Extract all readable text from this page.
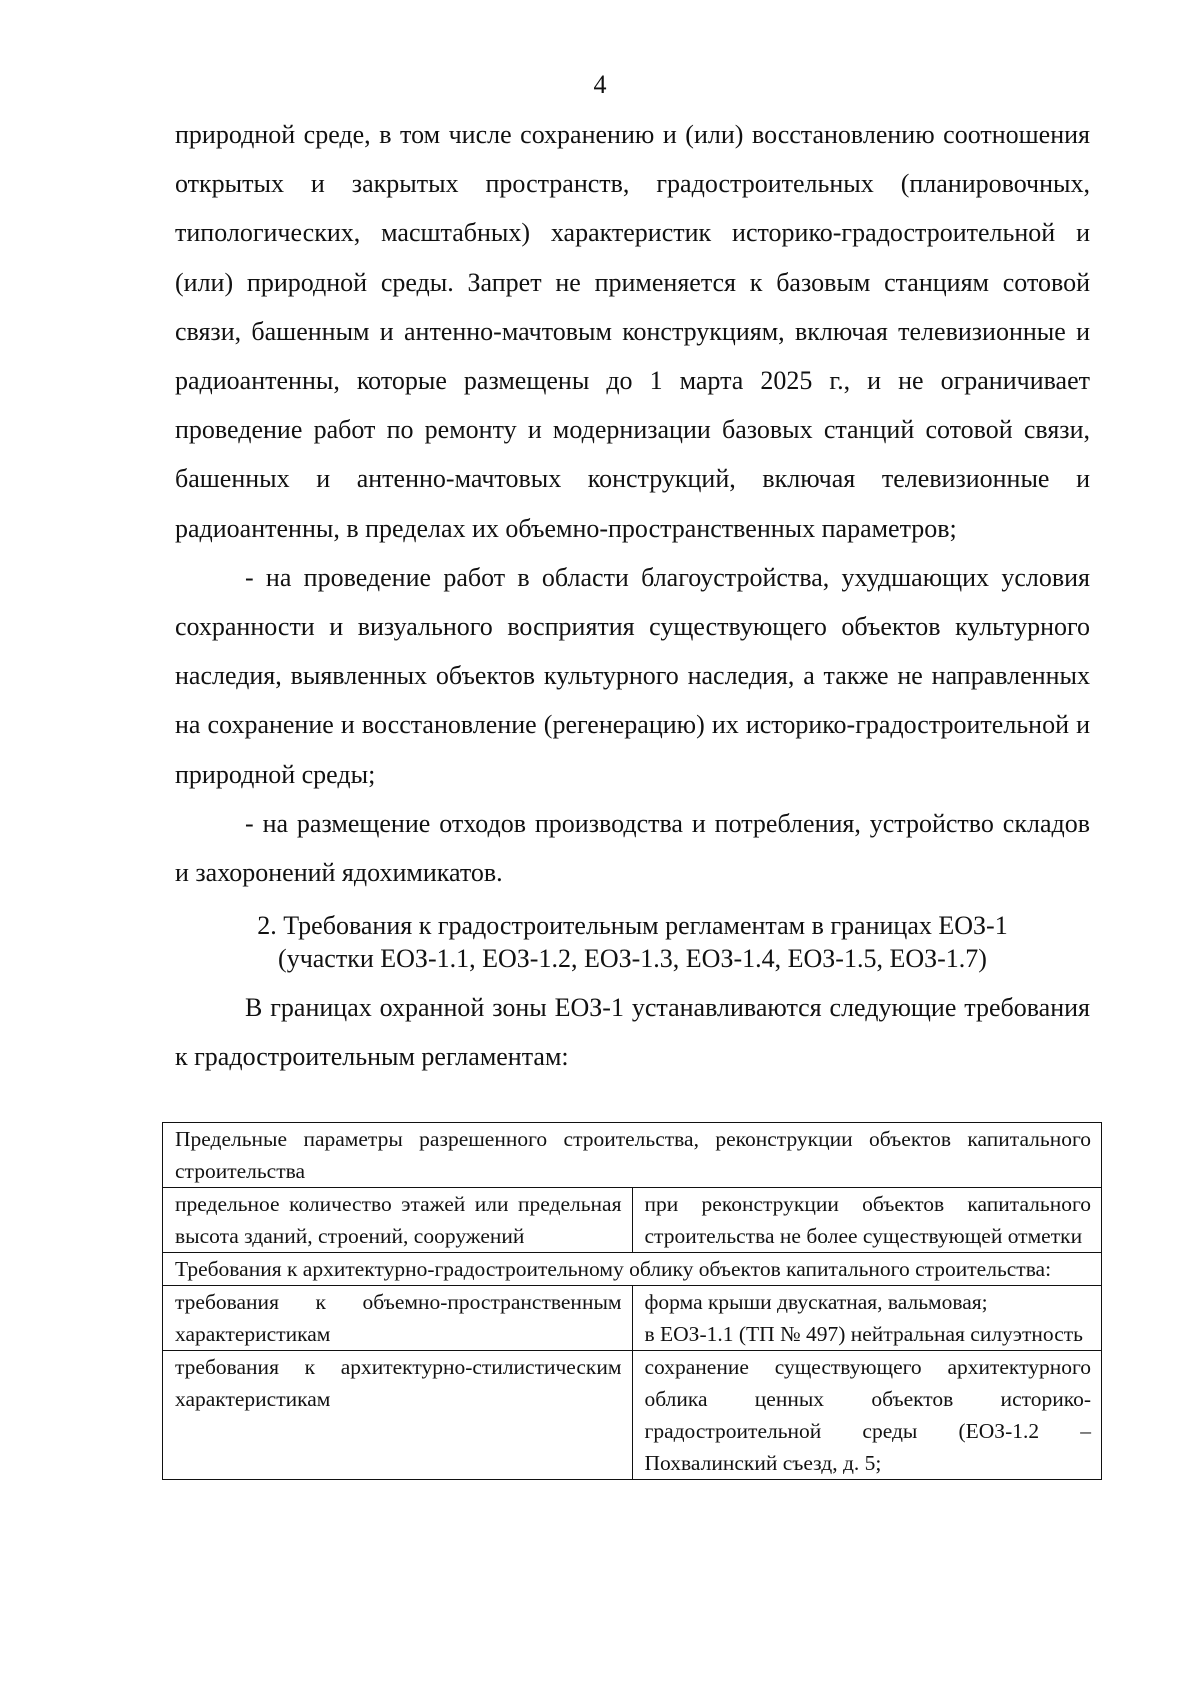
4

природной среде, в том числе сохранению и (или) восстановлению соотношения открытых и закрытых пространств, градостроительных (планировочных, типологических, масштабных) характеристик историко-градостроительной и (или) природной среды. Запрет не применяется к базовым станциям сотовой связи, башенным и антенно-мачтовым конструкциям, включая телевизионные и радиоантенны, которые размещены до 1 марта 2025 г., и не ограничивает проведение работ по ремонту и модернизации базовых станций сотовой связи, башенных и антенно-мачтовых конструкций, включая телевизионные и радиоантенны, в пределах их объемно-пространственных параметров;

- на проведение работ в области благоустройства, ухудшающих условия сохранности и визуального восприятия существующего объектов культурного наследия, выявленных объектов культурного наследия, а также не направленных на сохранение и восстановление (регенерацию) их историко-градостроительной и природной среды;

- на размещение отходов производства и потребления, устройство складов и захоронений ядохимикатов.

2. Требования к градостроительным регламентам в границах ЕОЗ-1
(участки ЕОЗ-1.1, ЕОЗ-1.2, ЕОЗ-1.3, ЕОЗ-1.4, ЕОЗ-1.5, ЕОЗ-1.7)

В границах охранной зоны ЕОЗ-1 устанавливаются следующие требования к градостроительным регламентам:

Предельные параметры разрешенного строительства, реконструкции объектов капитального строительства	
предельное количество этажей или предельная высота зданий, строений, сооружений	при реконструкции объектов капитального строительства не более существующей отметки
Требования к архитектурно-градостроительному облику объектов капитального строительства:	
требования к объемно-пространственным характеристикам	форма крыши двускатная, вальмовая;
в ЕОЗ-1.1 (ТП № 497) нейтральная силуэтность

требования к архитектурно-стилистическим характеристикам	сохранение существующего архитектурного облика ценных объектов историко-градостроительной среды (ЕОЗ-1.2 – Похвалинский съезд, д. 5;
